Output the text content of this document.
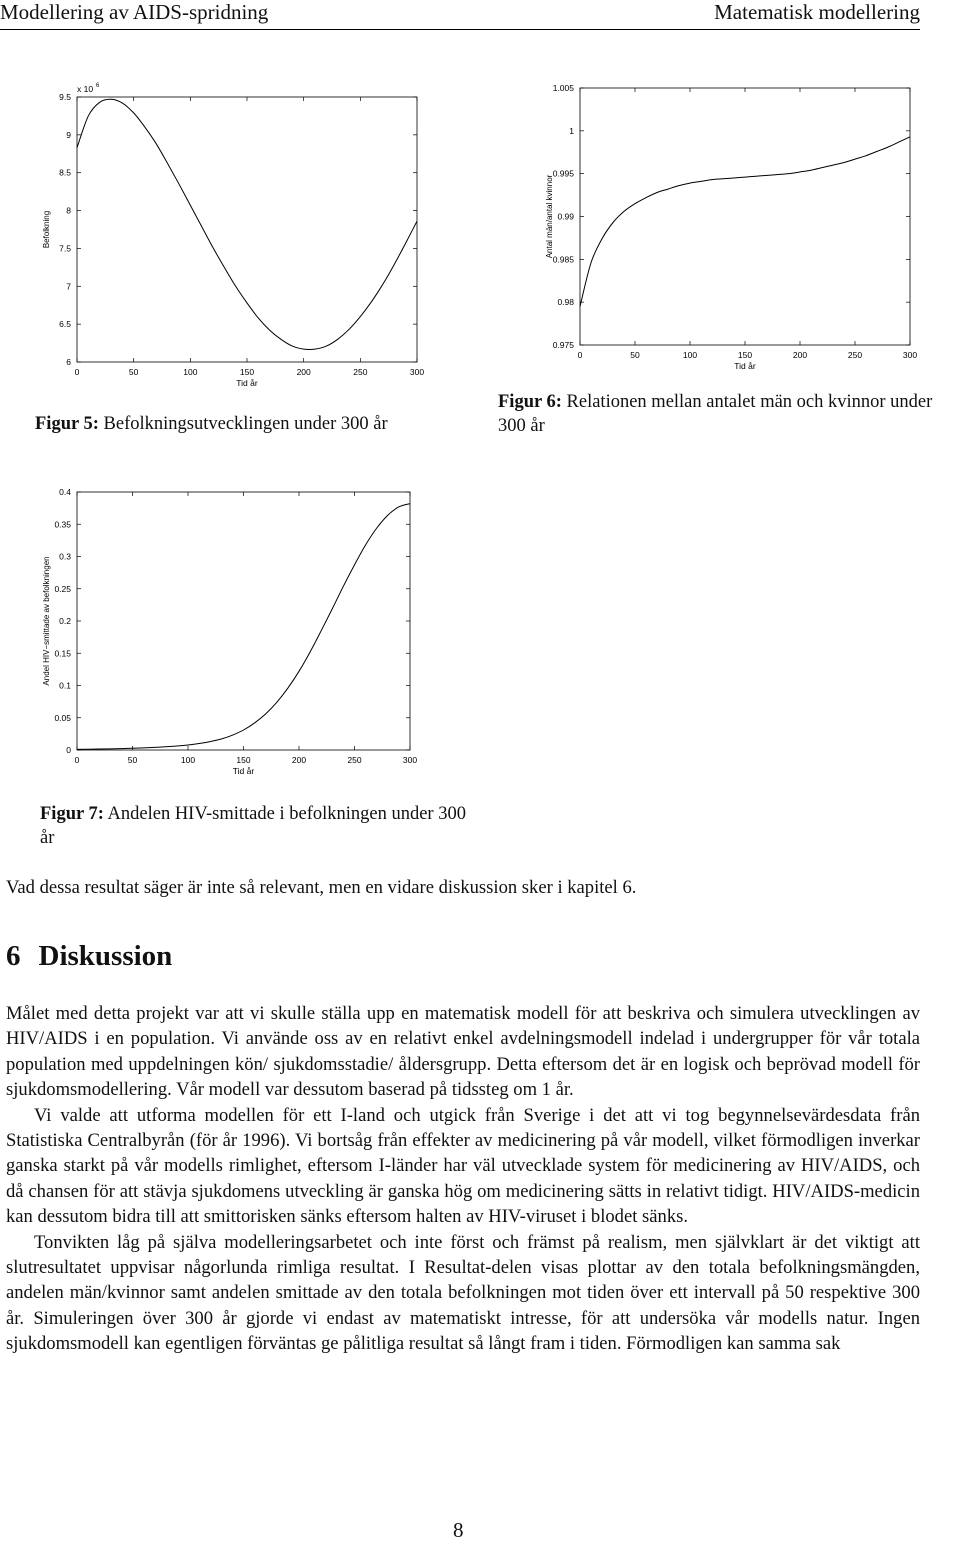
Modellering av AIDS-spridning	Matematisk modellering
0	50	100	150	200	250	300
6
6.5
7
7.5
8
8.5
9
9.5
Tid år
Befolkning
x 10 6
Figur 5: Befolkningsutvecklingen under 300 år
0	50	100	150	200	250	300
0.975
0.98
0.985
0.99
0.995
1
1.005
Tid år
Antal män/antal kvinnor
Figur 6: Relationen mellan antalet män och kvinnor under 300 år
0	50	100	150	200	250	300
0
0.05
0.1
0.15
0.2
0.25
0.3
0.35
0.4
Tid år
Andel HIV−smittade av befolkningen
Figur 7: Andelen HIV-smittade i befolkningen under 300 år

Vad dessa resultat säger är inte så relevant, men en vidare diskussion sker i kapitel 6.

6 Diskussion

Målet med detta projekt var att vi skulle ställa upp en matematisk modell för att beskriva och simulera utvecklingen av HIV/AIDS i en population. Vi använde oss av en relativt enkel avdelningsmodell indelad i undergrupper för vår totala population med uppdelningen kön/ sjukdomsstadie/ åldersgrupp. Detta eftersom det är en logisk och beprövad modell för sjukdomsmodellering. Vår modell var dessutom baserad på tidssteg om 1 år.

Vi valde att utforma modellen för ett I-land och utgick från Sverige i det att vi tog begynnelsevärdesdata från Statistiska Centralbyrån (för år 1996). Vi bortsåg från effekter av medicinering på vår modell, vilket förmodligen inverkar ganska starkt på vår modells rimlighet, eftersom I-länder har väl utvecklade system för medicinering av HIV/AIDS, och då chansen för att stävja sjukdomens utveckling är ganska hög om medicinering sätts in relativt tidigt. HIV/AIDS-medicin kan dessutom bidra till att smittorisken sänks eftersom halten av HIV-viruset i blodet sänks.

Tonvikten låg på själva modelleringsarbetet och inte först och främst på realism, men självklart är det viktigt att slutresultatet uppvisar någorlunda rimliga resultat. I Resultat-delen visas plottar av den totala befolkningsmängden, andelen män/kvinnor samt andelen smittade av den totala befolkningen mot tiden över ett intervall på 50 respektive 300 år. Simuleringen över 300 år gjorde vi endast av matematiskt intresse, för att undersöka vår modells natur. Ingen sjukdomsmodell kan egentligen förväntas ge pålitliga resultat så långt fram i tiden. Förmodligen kan samma sak

8
